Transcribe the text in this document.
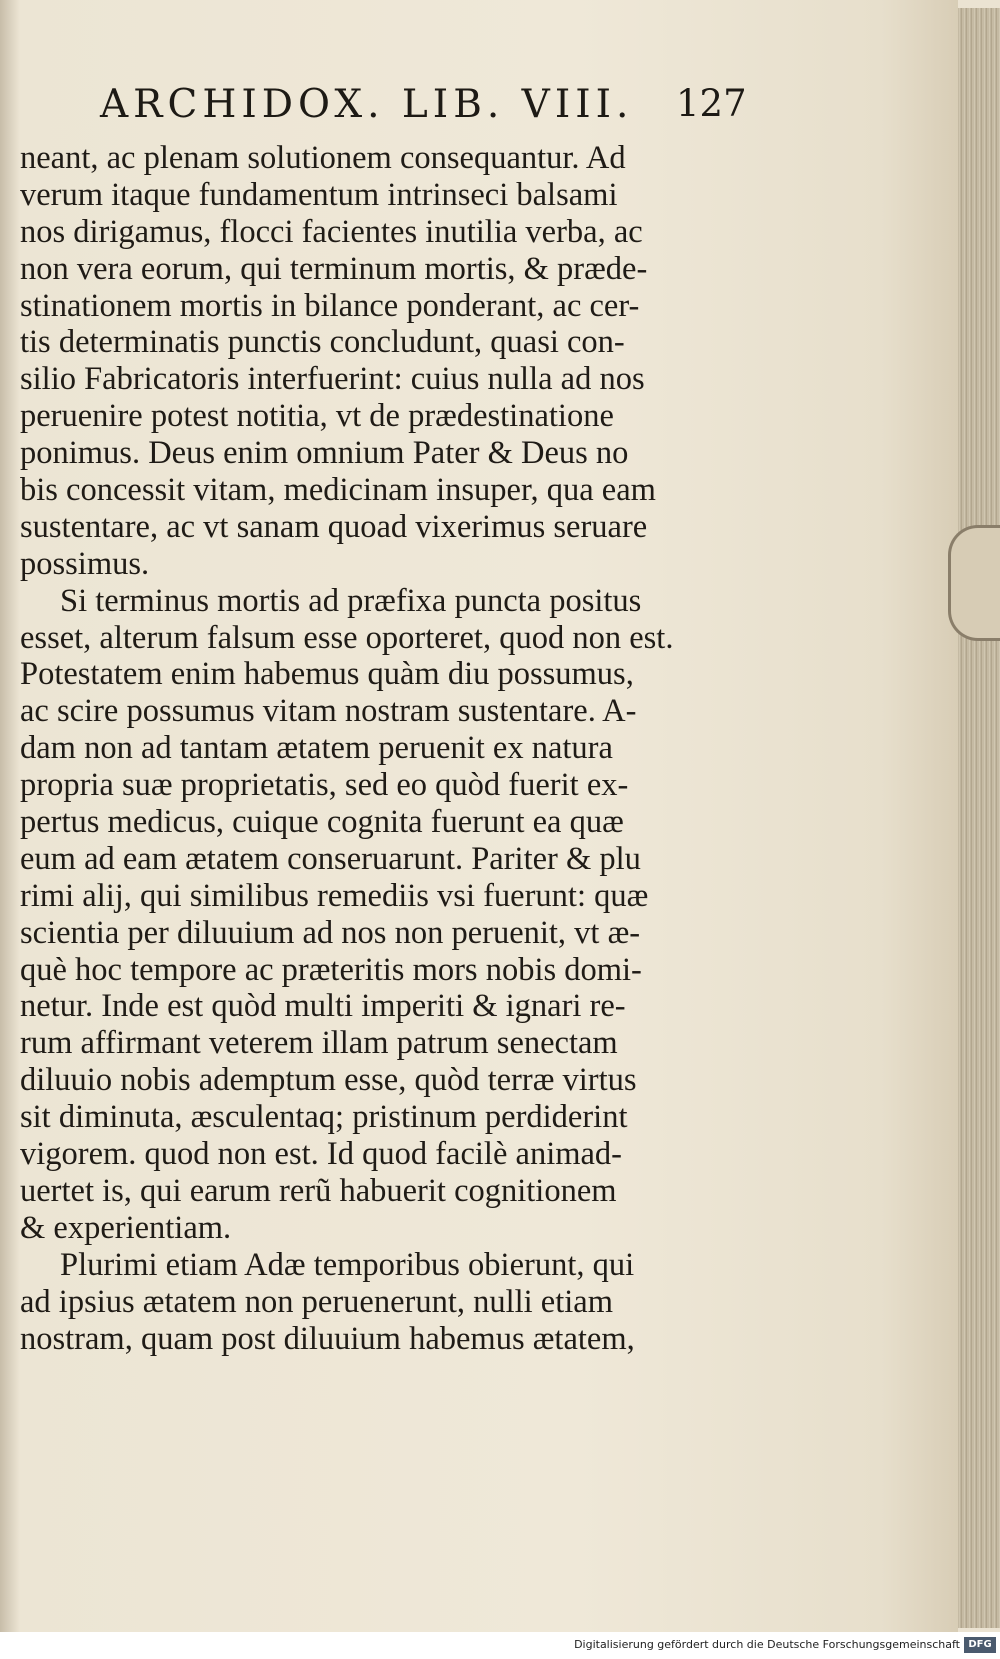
ARCHIDOX. LIB. VIII.	127
neant, ac plenam solutionem consequantur. Ad
verum itaque fundamentum intrinseci balsami
nos dirigamus, flocci facientes inutilia verba, ac
non vera eorum, qui terminum mortis, & præde-
stinationem mortis in bilance ponderant, ac cer-
tis determinatis punctis concludunt, quasi con-
silio Fabricatoris interfuerint: cuius nulla ad nos
peruenire potest notitia, vt de prædestinatione
ponimus. Deus enim omnium Pater & Deus no
bis concessit vitam, medicinam insuper, qua eam
sustentare, ac vt sanam quoad vixerimus seruare
possimus.
Si terminus mortis ad præfixa puncta positus
esset, alterum falsum esse oporteret, quod non est.
Potestatem enim habemus quàm diu possumus,
ac scire possumus vitam nostram sustentare. A-
dam non ad tantam ætatem peruenit ex natura
propria suæ proprietatis, sed eo quòd fuerit ex-
pertus medicus, cuique cognita fuerunt ea quæ
eum ad eam ætatem conseruarunt. Pariter & plu
rimi alij, qui similibus remediis vsi fuerunt: quæ
scientia per diluuium ad nos non peruenit, vt æ-
què hoc tempore ac præteritis mors nobis domi-
netur. Inde est quòd multi imperiti & ignari re-
rum affirmant veterem illam patrum senectam
diluuio nobis ademptum esse, quòd terræ virtus
sit diminuta, æsculentaq; pristinum perdiderint
vigorem. quod non est. Id quod facilè animad-
uertet is, qui earum rerũ habuerit cognitionem
& experientiam.
Plurimi etiam Adæ temporibus obierunt, qui
ad ipsius ætatem non peruenerunt, nulli etiam
nostram, quam post diluuium habemus ætatem,
Digitalisierung gefördert durch die Deutsche Forschungsgemeinschaft DFG
